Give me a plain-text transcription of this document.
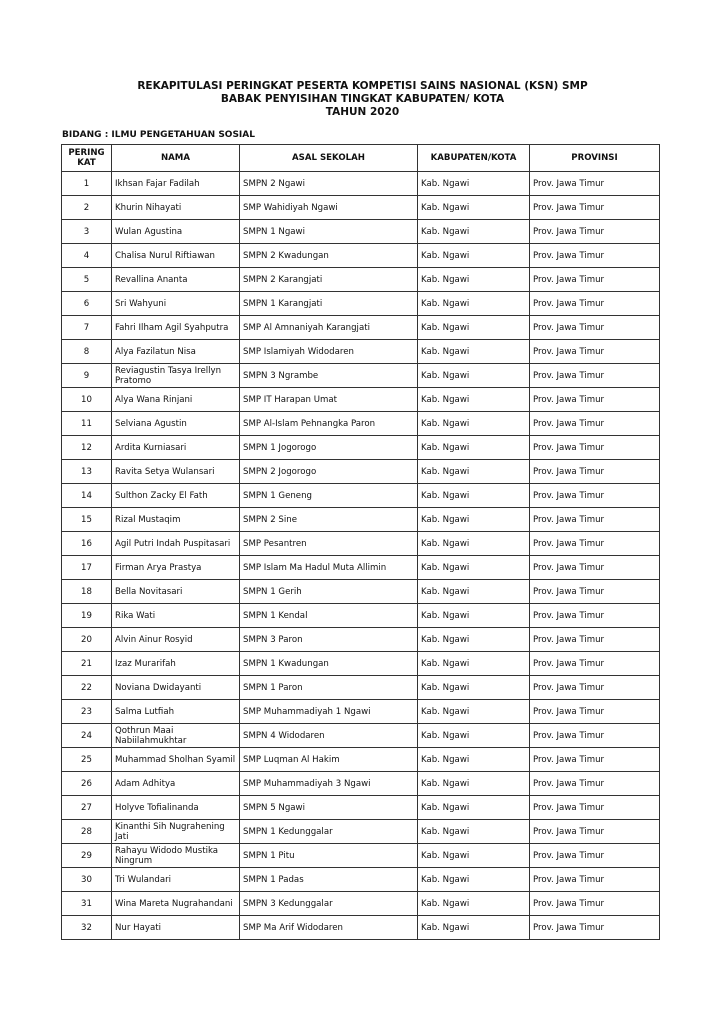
REKAPITULASI PERINGKAT PESERTA KOMPETISI SAINS NASIONAL (KSN) SMP
BABAK PENYISIHAN TINGKAT KABUPATEN/ KOTA
TAHUN 2020
BIDANG : ILMU PENGETAHUAN SOSIAL
PERING KAT	NAMA	ASAL SEKOLAH	KABUPATEN/KOTA	PROVINSI
1	Ikhsan Fajar Fadilah	SMPN 2 Ngawi	Kab. Ngawi	Prov. Jawa Timur
2	Khurin Nihayati	SMP Wahidiyah Ngawi	Kab. Ngawi	Prov. Jawa Timur
3	Wulan Agustina	SMPN 1 Ngawi	Kab. Ngawi	Prov. Jawa Timur
4	Chalisa Nurul Riftiawan	SMPN 2 Kwadungan	Kab. Ngawi	Prov. Jawa Timur
5	Revallina Ananta	SMPN 2 Karangjati	Kab. Ngawi	Prov. Jawa Timur
6	Sri Wahyuni	SMPN 1 Karangjati	Kab. Ngawi	Prov. Jawa Timur
7	Fahri Ilham Agil Syahputra	SMP Al Amnaniyah Karangjati	Kab. Ngawi	Prov. Jawa Timur
8	Alya Fazilatun Nisa	SMP Islamiyah Widodaren	Kab. Ngawi	Prov. Jawa Timur
9	Reviagustin Tasya Irellyn Pratomo	SMPN 3 Ngrambe	Kab. Ngawi	Prov. Jawa Timur
10	Alya Wana Rinjani	SMP IT Harapan Umat	Kab. Ngawi	Prov. Jawa Timur
11	Selviana Agustin	SMP Al-Islam Pehnangka Paron	Kab. Ngawi	Prov. Jawa Timur
12	Ardita Kurniasari	SMPN 1 Jogorogo	Kab. Ngawi	Prov. Jawa Timur
13	Ravita Setya Wulansari	SMPN 2 Jogorogo	Kab. Ngawi	Prov. Jawa Timur
14	Sulthon Zacky El Fath	SMPN 1 Geneng	Kab. Ngawi	Prov. Jawa Timur
15	Rizal Mustaqim	SMPN 2 Sine	Kab. Ngawi	Prov. Jawa Timur
16	Agil Putri Indah Puspitasari	SMP Pesantren	Kab. Ngawi	Prov. Jawa Timur
17	Firman Arya Prastya	SMP Islam Ma Hadul Muta Allimin	Kab. Ngawi	Prov. Jawa Timur
18	Bella Novitasari	SMPN 1 Gerih	Kab. Ngawi	Prov. Jawa Timur
19	Rika Wati	SMPN 1 Kendal	Kab. Ngawi	Prov. Jawa Timur
20	Alvin Ainur Rosyid	SMPN 3 Paron	Kab. Ngawi	Prov. Jawa Timur
21	Izaz Murarifah	SMPN 1 Kwadungan	Kab. Ngawi	Prov. Jawa Timur
22	Noviana Dwidayanti	SMPN 1 Paron	Kab. Ngawi	Prov. Jawa Timur
23	Salma Lutfiah	SMP Muhammadiyah 1 Ngawi	Kab. Ngawi	Prov. Jawa Timur
24	Qothrun Maai Nabiilahmukhtar	SMPN 4 Widodaren	Kab. Ngawi	Prov. Jawa Timur
25	Muhammad Sholhan Syamil	SMP Luqman Al Hakim	Kab. Ngawi	Prov. Jawa Timur
26	Adam Adhitya	SMP Muhammadiyah 3 Ngawi	Kab. Ngawi	Prov. Jawa Timur
27	Holyve Tofialinanda	SMPN 5 Ngawi	Kab. Ngawi	Prov. Jawa Timur
28	Kinanthi Sih Nugrahening Jati	SMPN 1 Kedunggalar	Kab. Ngawi	Prov. Jawa Timur
29	Rahayu Widodo Mustika Ningrum	SMPN 1 Pitu	Kab. Ngawi	Prov. Jawa Timur
30	Tri Wulandari	SMPN 1 Padas	Kab. Ngawi	Prov. Jawa Timur
31	Wina Mareta Nugrahandani	SMPN 3 Kedunggalar	Kab. Ngawi	Prov. Jawa Timur
32	Nur Hayati	SMP Ma Arif Widodaren	Kab. Ngawi	Prov. Jawa Timur
